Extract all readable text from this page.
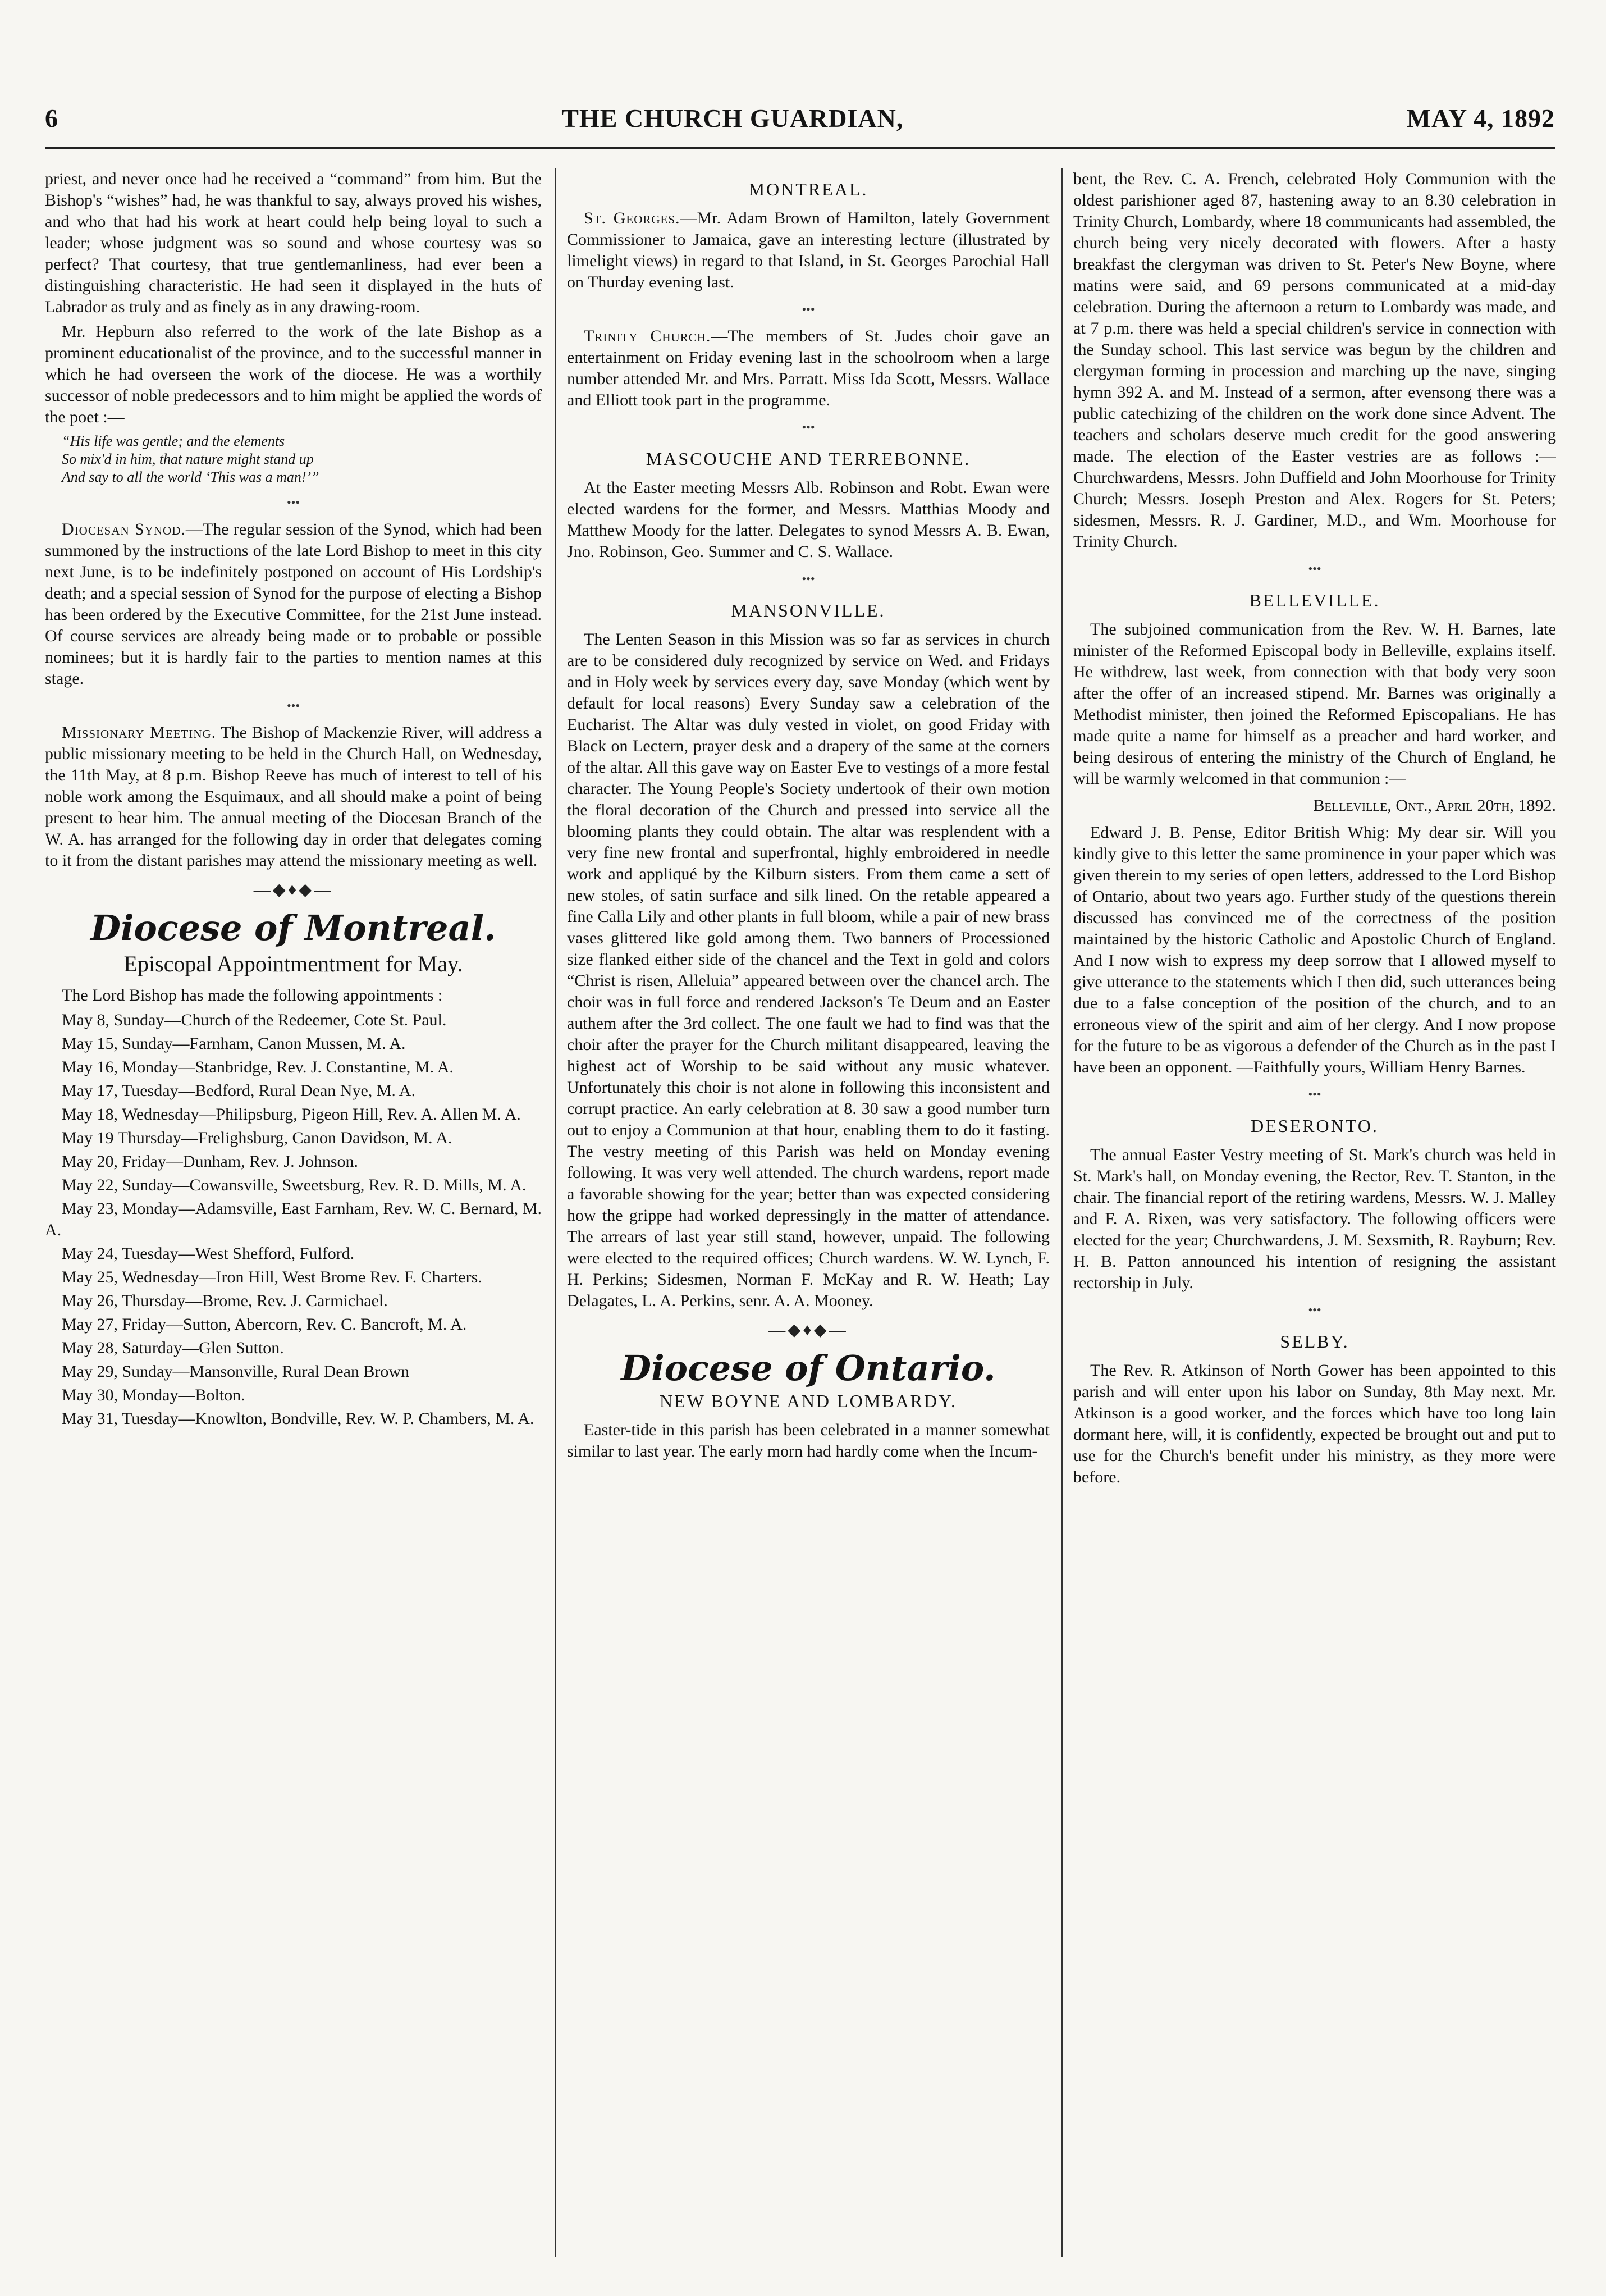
6	THE CHURCH GUARDIAN,	MAY 4, 1892

priest, and never once had he received a “command” from him. But the Bishop's “wishes” had, he was thankful to say, always proved his wishes, and who that had his work at heart could help being loyal to such a leader; whose judgment was so sound and whose courtesy was so perfect? That courtesy, that true gentlemanliness, had ever been a distinguishing characteristic. He had seen it displayed in the huts of Labrador as truly and as finely as in any drawing-room.

Mr. Hepburn also referred to the work of the late Bishop as a prominent educationalist of the province, and to the successful manner in which he had overseen the work of the diocese. He was a worthily successor of noble predecessors and to him might be applied the words of the poet :—

“His life was gentle; and the elements
So mix'd in him, that nature might stand up
And say to all the world ‘This was a man!’”
•••

Diocesan Synod.—The regular session of the Synod, which had been summoned by the instructions of the late Lord Bishop to meet in this city next June, is to be indefinitely postponed on account of His Lordship's death; and a special session of Synod for the purpose of electing a Bishop has been ordered by the Executive Committee, for the 21st June instead. Of course services are already being made or to probable or possible nominees; but it is hardly fair to the parties to mention names at this stage.

•••

Missionary Meeting. The Bishop of Mackenzie River, will address a public missionary meeting to be held in the Church Hall, on Wednesday, the 11th May, at 8 p.m. Bishop Reeve has much of interest to tell of his noble work among the Esquimaux, and all should make a point of being present to hear him. The annual meeting of the Diocesan Branch of the W. A. has arranged for the following day in order that delegates coming to it from the distant parishes may attend the missionary meeting as well.

—◆♦◆—
Diocese of Montreal.
Episcopal Appointmentment for May.

The Lord Bishop has made the following appointments :

May 8, Sunday—Church of the Redeemer, Cote St. Paul.

May 15, Sunday—Farnham, Canon Mussen, M. A.

May 16, Monday—Stanbridge, Rev. J. Constantine, M. A.

May 17, Tuesday—Bedford, Rural Dean Nye, M. A.

May 18, Wednesday—Philipsburg, Pigeon Hill, Rev. A. Allen M. A.

May 19 Thursday—Frelighsburg, Canon Davidson, M. A.

May 20, Friday—Dunham, Rev. J. Johnson.

May 22, Sunday—Cowansville, Sweetsburg, Rev. R. D. Mills, M. A.

May 23, Monday—Adamsville, East Farnham, Rev. W. C. Bernard, M. A.

May 24, Tuesday—West Shefford, Fulford.

May 25, Wednesday—Iron Hill, West Brome Rev. F. Charters.

May 26, Thursday—Brome, Rev. J. Carmichael.

May 27, Friday—Sutton, Abercorn, Rev. C. Bancroft, M. A.

May 28, Saturday—Glen Sutton.

May 29, Sunday—Mansonville, Rural Dean Brown

May 30, Monday—Bolton.

May 31, Tuesday—Knowlton, Bondville, Rev. W. P. Chambers, M. A.

MONTREAL.

St. Georges.—Mr. Adam Brown of Hamilton, lately Government Commissioner to Jamaica, gave an interesting lecture (illustrated by limelight views) in regard to that Island, in St. Georges Parochial Hall on Thurday evening last.

•••

Trinity Church.—The members of St. Judes choir gave an entertainment on Friday evening last in the schoolroom when a large number attended Mr. and Mrs. Parratt. Miss Ida Scott, Messrs. Wallace and Elliott took part in the programme.

•••
MASCOUCHE AND TERREBONNE.

At the Easter meeting Messrs Alb. Robinson and Robt. Ewan were elected wardens for the former, and Messrs. Matthias Moody and Matthew Moody for the latter. Delegates to synod Messrs A. B. Ewan, Jno. Robinson, Geo. Summer and C. S. Wallace.

•••
MANSONVILLE.

The Lenten Season in this Mission was so far as services in church are to be considered duly recognized by service on Wed. and Fridays and in Holy week by services every day, save Monday (which went by default for local reasons) Every Sunday saw a celebration of the Eucharist. The Altar was duly vested in violet, on good Friday with Black on Lectern, prayer desk and a drapery of the same at the corners of the altar. All this gave way on Easter Eve to vestings of a more festal character. The Young People's Society undertook of their own motion the floral decoration of the Church and pressed into service all the blooming plants they could obtain. The altar was resplendent with a very fine new frontal and superfrontal, highly embroidered in needle work and appliqué by the Kilburn sisters. From them came a sett of new stoles, of satin surface and silk lined. On the retable appeared a fine Calla Lily and other plants in full bloom, while a pair of new brass vases glittered like gold among them. Two banners of Processioned size flanked either side of the chancel and the Text in gold and colors “Christ is risen, Alleluia” appeared between over the chancel arch. The choir was in full force and rendered Jackson's Te Deum and an Easter authem after the 3rd collect. The one fault we had to find was that the choir after the prayer for the Church militant disappeared, leaving the highest act of Worship to be said without any music whatever. Unfortunately this choir is not alone in following this inconsistent and corrupt practice. An early celebration at 8. 30 saw a good number turn out to enjoy a Communion at that hour, enabling them to do it fasting. The vestry meeting of this Parish was held on Monday evening following. It was very well attended. The church wardens, report made a favorable showing for the year; better than was expected considering how the grippe had worked depressingly in the matter of attendance. The arrears of last year still stand, however, unpaid. The following were elected to the required offices; Church wardens. W. W. Lynch, F. H. Perkins; Sidesmen, Norman F. McKay and R. W. Heath; Lay Delagates, L. A. Perkins, senr. A. A. Mooney.

—◆♦◆—
Diocese of Ontario.
NEW BOYNE AND LOMBARDY.

Easter-tide in this parish has been celebrated in a manner somewhat similar to last year. The early morn had hardly come when the Incum-

bent, the Rev. C. A. French, celebrated Holy Communion with the oldest parishioner aged 87, hastening away to an 8.30 celebration in Trinity Church, Lombardy, where 18 communicants had assembled, the church being very nicely decorated with flowers. After a hasty breakfast the clergyman was driven to St. Peter's New Boyne, where matins were said, and 69 persons communicated at a mid-day celebration. During the afternoon a return to Lombardy was made, and at 7 p.m. there was held a special children's service in connection with the Sunday school. This last service was begun by the children and clergyman forming in procession and marching up the nave, singing hymn 392 A. and M. Instead of a sermon, after evensong there was a public catechizing of the children on the work done since Advent. The teachers and scholars deserve much credit for the good answering made. The election of the Easter vestries are as follows :—Churchwardens, Messrs. John Duffield and John Moorhouse for Trinity Church; Messrs. Joseph Preston and Alex. Rogers for St. Peters; sidesmen, Messrs. R. J. Gardiner, M.D., and Wm. Moorhouse for Trinity Church.

•••
BELLEVILLE.

The subjoined communication from the Rev. W. H. Barnes, late minister of the Reformed Episcopal body in Belleville, explains itself. He withdrew, last week, from connection with that body very soon after the offer of an increased stipend. Mr. Barnes was originally a Methodist minister, then joined the Reformed Episcopalians. He has made quite a name for himself as a preacher and hard worker, and being desirous of entering the ministry of the Church of England, he will be warmly welcomed in that communion :—

Belleville, Ont., April 20th, 1892.

Edward J. B. Pense, Editor British Whig: My dear sir. Will you kindly give to this letter the same prominence in your paper which was given therein to my series of open letters, addressed to the Lord Bishop of Ontario, about two years ago. Further study of the questions therein discussed has convinced me of the correctness of the position maintained by the historic Catholic and Apostolic Church of England. And I now wish to express my deep sorrow that I allowed myself to give utterance to the statements which I then did, such utterances being due to a false conception of the position of the church, and to an erroneous view of the spirit and aim of her clergy. And I now propose for the future to be as vigorous a defender of the Church as in the past I have been an opponent. —Faithfully yours, William Henry Barnes.

•••
DESERONTO.

The annual Easter Vestry meeting of St. Mark's church was held in St. Mark's hall, on Monday evening, the Rector, Rev. T. Stanton, in the chair. The financial report of the retiring wardens, Messrs. W. J. Malley and F. A. Rixen, was very satisfactory. The following officers were elected for the year; Churchwardens, J. M. Sexsmith, R. Rayburn; Rev. H. B. Patton announced his intention of resigning the assistant rectorship in July.

•••
SELBY.

The Rev. R. Atkinson of North Gower has been appointed to this parish and will enter upon his labor on Sunday, 8th May next. Mr. Atkinson is a good worker, and the forces which have too long lain dormant here, will, it is confidently, expected be brought out and put to use for the Church's benefit under his ministry, as they more were before.
